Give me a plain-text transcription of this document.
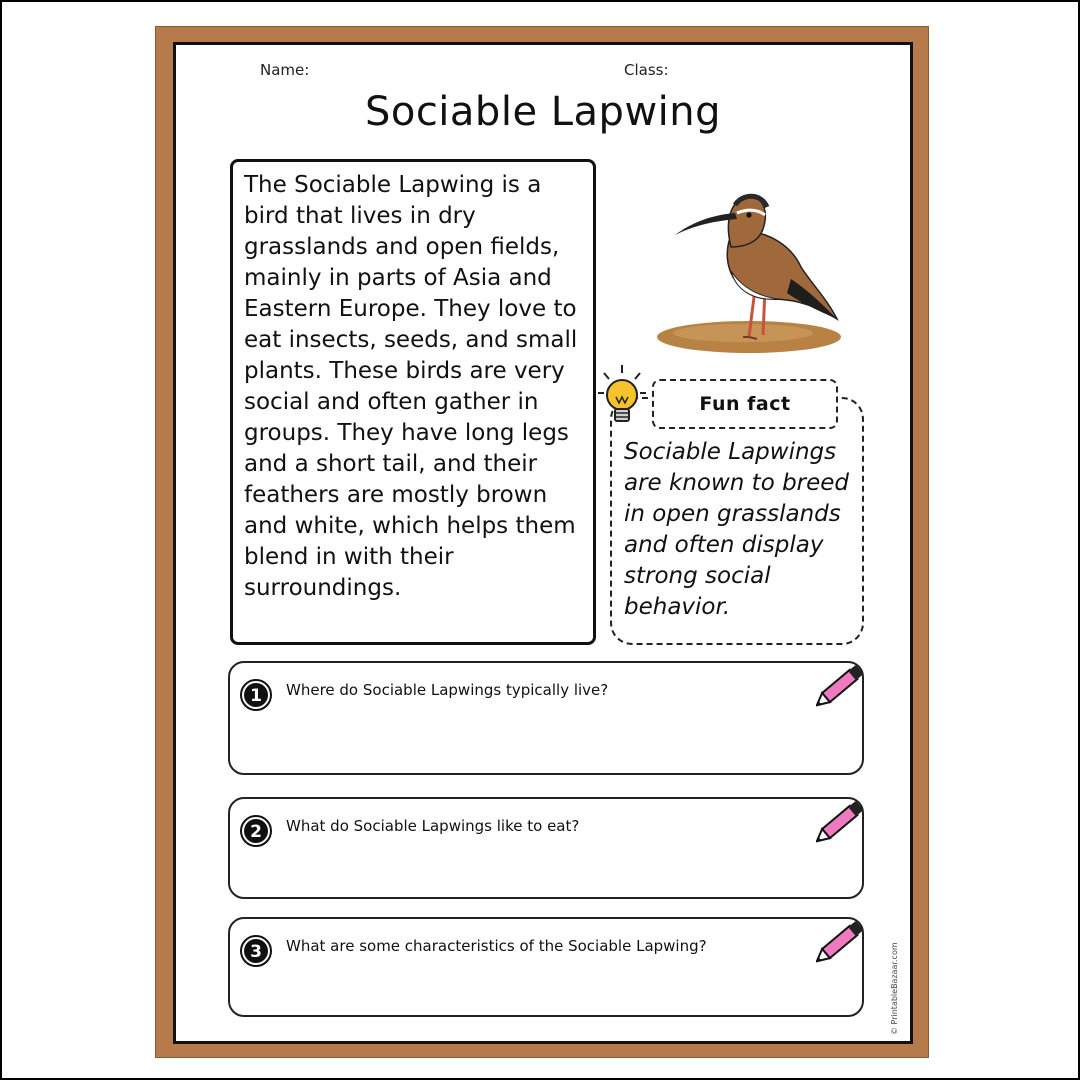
Name:	Class:
Sociable Lapwing

The Sociable Lapwing is a bird that lives in dry grasslands and open fields, mainly in parts of Asia and Eastern Europe. They love to eat insects, seeds, and small plants. These birds are very social and often gather in groups. They have long legs and a short tail, and their feathers are mostly brown and white, which helps them blend in with their surroundings.

Fun fact

Sociable Lapwings are known to breed in open grasslands and often display strong social behavior.

1 Where do Sociable Lapwings typically live?
2 What do Sociable Lapwings like to eat?
3 What are some characteristics of the Sociable Lapwing?	© PrintableBazaar.com
